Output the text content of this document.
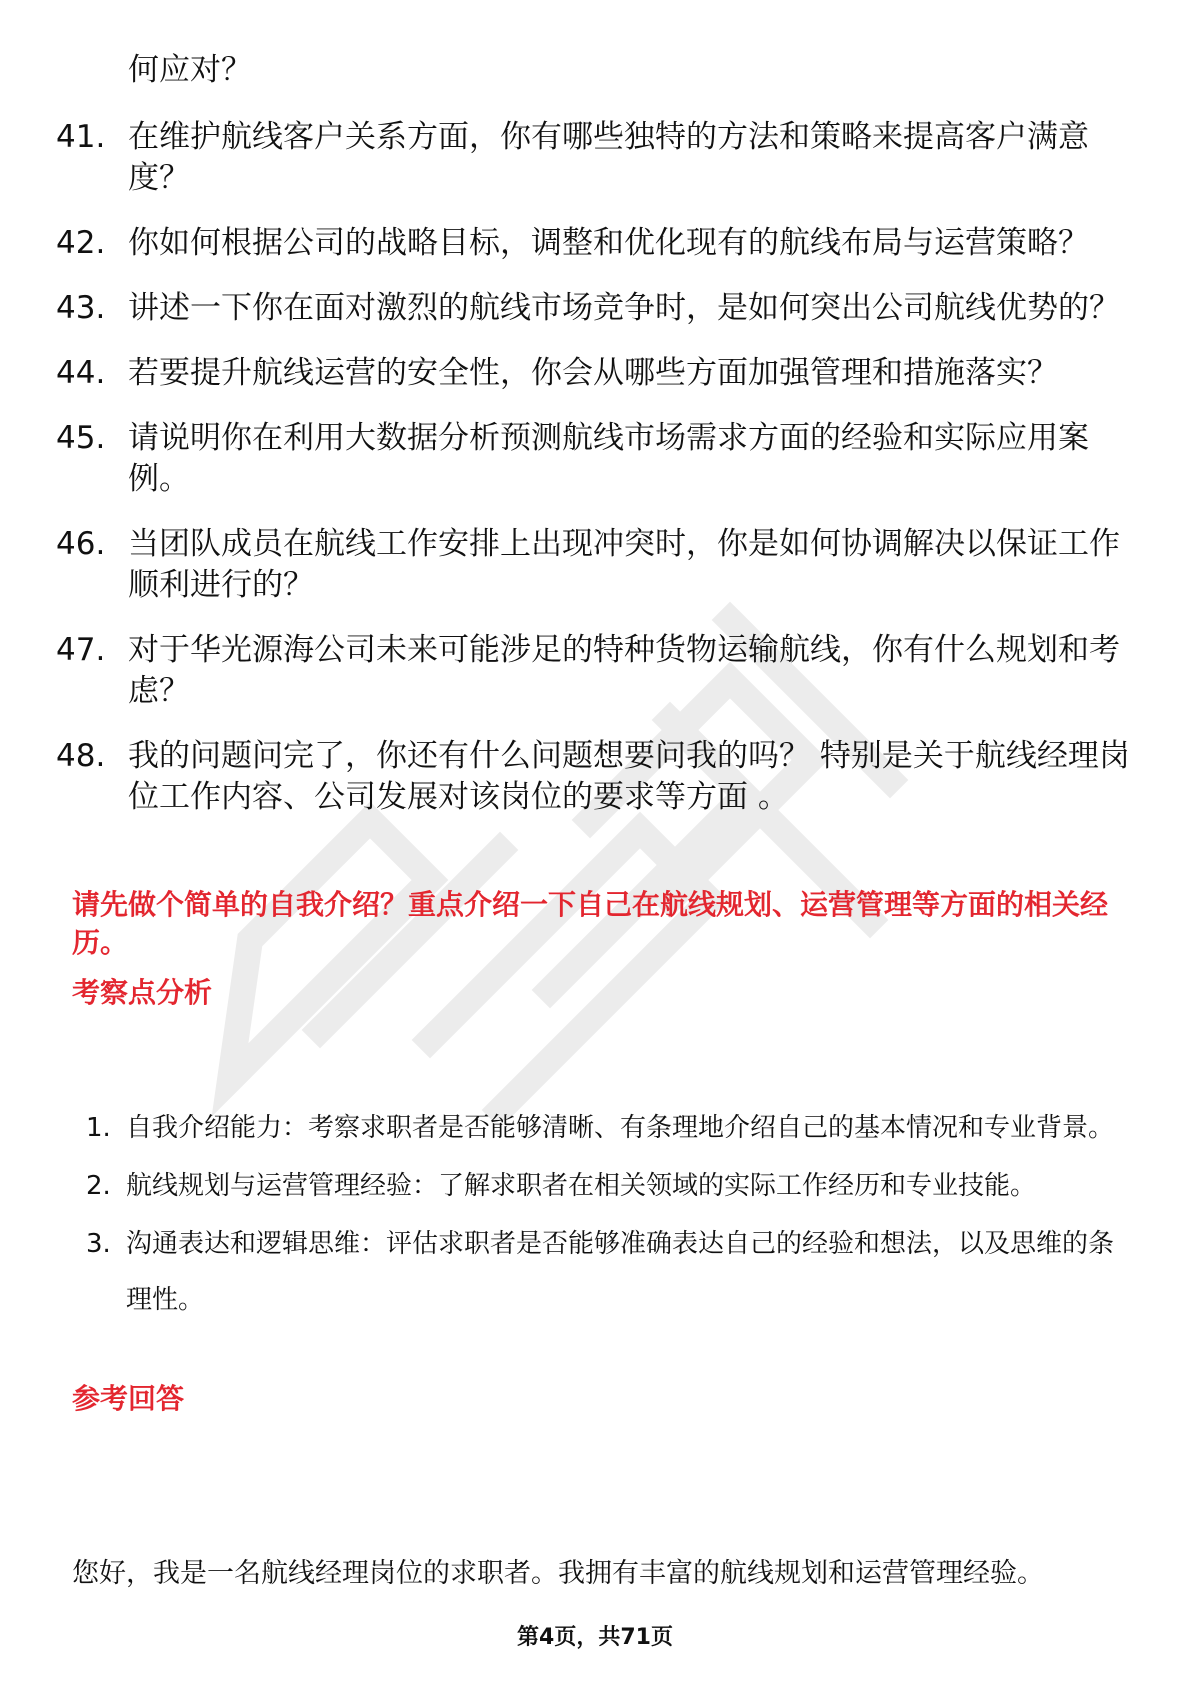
何应对？
41. 在维护航线客户关系方面，你有哪些独特的方法和策略来提高客户满意度？
42. 你如何根据公司的战略目标，调整和优化现有的航线布局与运营策略？
43. 讲述一下你在面对激烈的航线市场竞争时，是如何突出公司航线优势的？
44. 若要提升航线运营的安全性，你会从哪些方面加强管理和措施落实？
45. 请说明你在利用大数据分析预测航线市场需求方面的经验和实际应用案例。
46. 当团队成员在航线工作安排上出现冲突时，你是如何协调解决以保证工作顺利进行的？
47. 对于华光源海公司未来可能涉足的特种货物运输航线，你有什么规划和考虑？
48. 我的问题问完了，你还有什么问题想要问我的吗？ 特别是关于航线经理岗位工作内容、公司发展对该岗位的要求等方面 。
请先做个简单的自我介绍？重点介绍一下自己在航线规划、运营管理等方面的相关经历。
考察点分析
1. 自我介绍能力：考察求职者是否能够清晰、有条理地介绍自己的基本情况和专业背景。
2. 航线规划与运营管理经验：了解求职者在相关领域的实际工作经历和专业技能。
3. 沟通表达和逻辑思维：评估求职者是否能够准确表达自己的经验和想法，以及思维的条理性。
参考回答
您好，我是一名航线经理岗位的求职者。我拥有丰富的航线规划和运营管理经验。
第4页，共71页
